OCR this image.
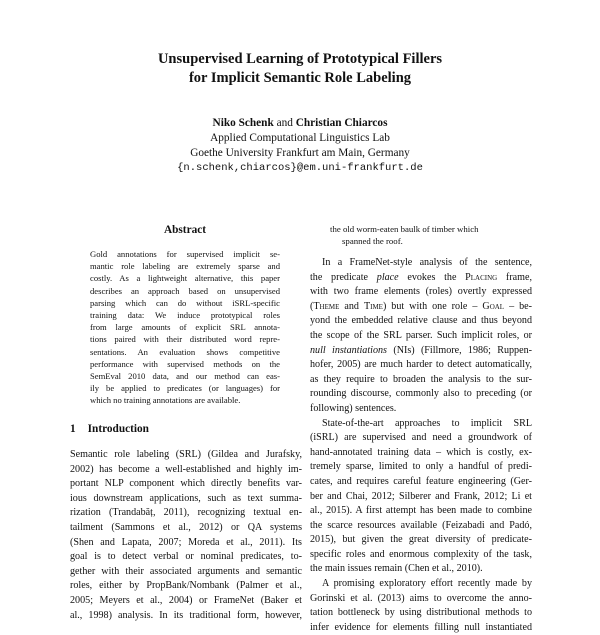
Unsupervised Learning of Prototypical Fillers
for Implicit Semantic Role Labeling
Niko Schenk and Christian Chiarcos
Applied Computational Linguistics Lab
Goethe University Frankfurt am Main, Germany
{n.schenk,chiarcos}@em.uni-frankfurt.de
Abstract
Gold annotations for supervised implicit se-
mantic role labeling are extremely sparse and
costly. As a lightweight alternative, this paper
describes an approach based on unsupervised
parsing which can do without iSRL-specific
training data: We induce prototypical roles
from large amounts of explicit SRL annota-
tions paired with their distributed word repre-
sentations. An evaluation shows competitive
performance with supervised methods on the
SemEval 2010 data, and our method can eas-
ily be applied to predicates (or languages) for
which no training annotations are available.
1 Introduction
Semantic role labeling (SRL) (Gildea and Jurafsky,
2002) has become a well-established and highly im-
portant NLP component which directly benefits var-
ious downstream applications, such as text summa-
rization (Trandabăț, 2011), recognizing textual en-
tailment (Sammons et al., 2012) or QA systems
(Shen and Lapata, 2007; Moreda et al., 2011). Its
goal is to detect verbal or nominal predicates, to-
gether with their associated arguments and semantic
roles, either by PropBank/Nombank (Palmer et al.,
2005; Meyers et al., 2004) or FrameNet (Baker et
al., 1998) analysis. In its traditional form, however,
the old worm-eaten baulk of timber which
spanned the roof.
In a FrameNet-style analysis of the sentence,
the predicate place evokes the Placing frame,
with two frame elements (roles) overtly expressed
(Theme and Time) but with one role – Goal – be-
yond the embedded relative clause and thus beyond
the scope of the SRL parser. Such implicit roles, or
null instantiations (NIs) (Fillmore, 1986; Ruppen-
hofer, 2005) are much harder to detect automatically,
as they require to broaden the analysis to the sur-
rounding discourse, commonly also to preceding (or
following) sentences.
State-of-the-art approaches to implicit SRL
(iSRL) are supervised and need a groundwork of
hand-annotated training data – which is costly, ex-
tremely sparse, limited to only a handful of predi-
cates, and requires careful feature engineering (Ger-
ber and Chai, 2012; Silberer and Frank, 2012; Li et
al., 2015). A first attempt has been made to combine
the scarce resources available (Feizabadi and Padó,
2015), but given the great diversity of predicate-
specific roles and enormous complexity of the task,
the main issues remain (Chen et al., 2010).
A promising exploratory effort recently made by
Gorinski et al. (2013) aims to overcome the anno-
tation bottleneck by using distributional methods to
infer evidence for elements filling null instantiated
